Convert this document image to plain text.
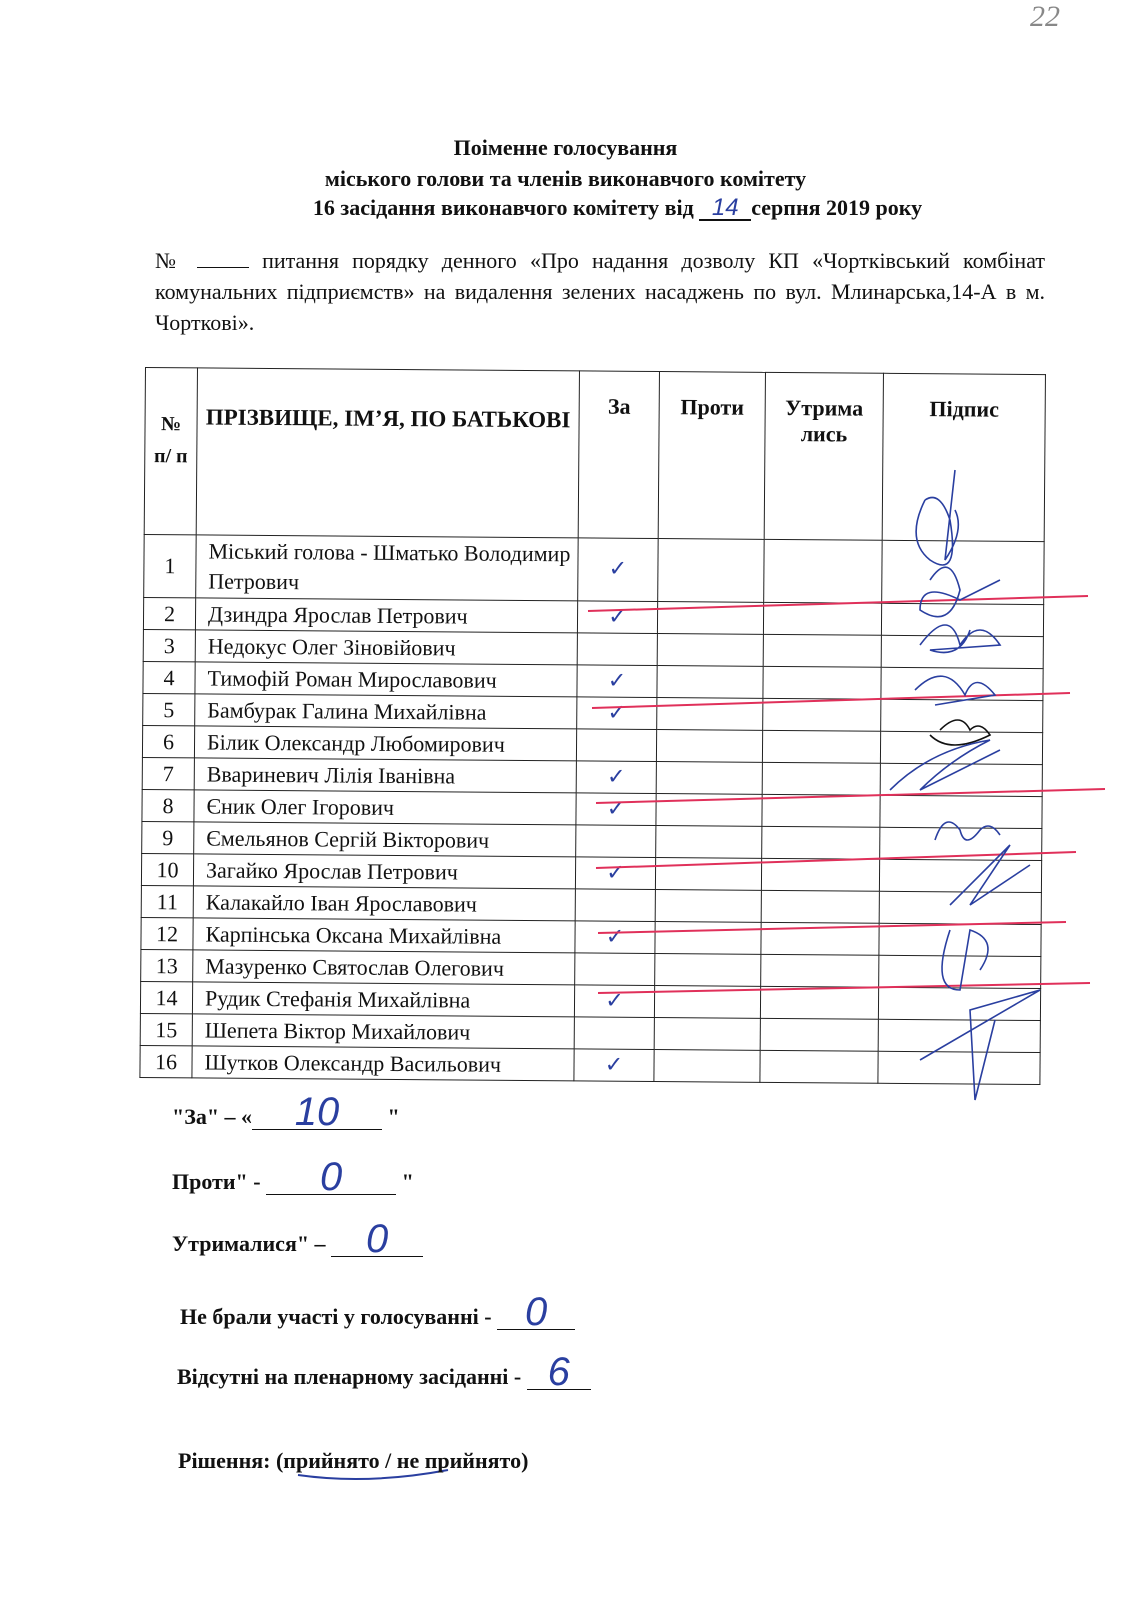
22
Поіменне голосування
міського голови та членів виконавчого комітету
16 засідання виконавчого комітету від 14 серпня 2019 року
№	питання порядку денного «Про надання дозволу КП «Чортківський комбінат комунальних підприємств» на видалення зелених насаджень по вул. Млинарська,14-А в м. Чорткові».
№ п/ п	ПРІЗВИЩЕ, ІМ’Я, ПО БАТЬКОВІ	За	Проти	Утрима лись	Підпис
1	Міський голова - Шматько Володимир Петрович	✓			
2	Дзиндра Ярослав Петрович	✓			
3	Недокус Олег Зіновійович				
4	Тимофій Роман Мирославович	✓			
5	Бамбурак Галина Михайлівна	✓			
6	Білик Олександр Любомирович				
7	Ввариневич Лілія Іванівна	✓			
8	Єник Олег Ігорович	✓			
9	Ємельянов Сергій Вікторович				
10	Загайко Ярослав Петрович	✓			
11	Калакайло Іван Ярославович				
12	Карпінська Оксана Михайлівна	✓			
13	Мазуренко Святослав Олегович				
14	Рудик Стефанія Михайлівна	✓			
15	Шепета Віктор Михайлович				
16	Шутков Олександр Васильович	✓			
"За" – « 10 "
Проти" - 0 "
Утрималися" – 0
Не брали участі у голосуванні - 0
Відсутні на пленарному засіданні - 6
Рішення: (прийнято / не прийнято)
